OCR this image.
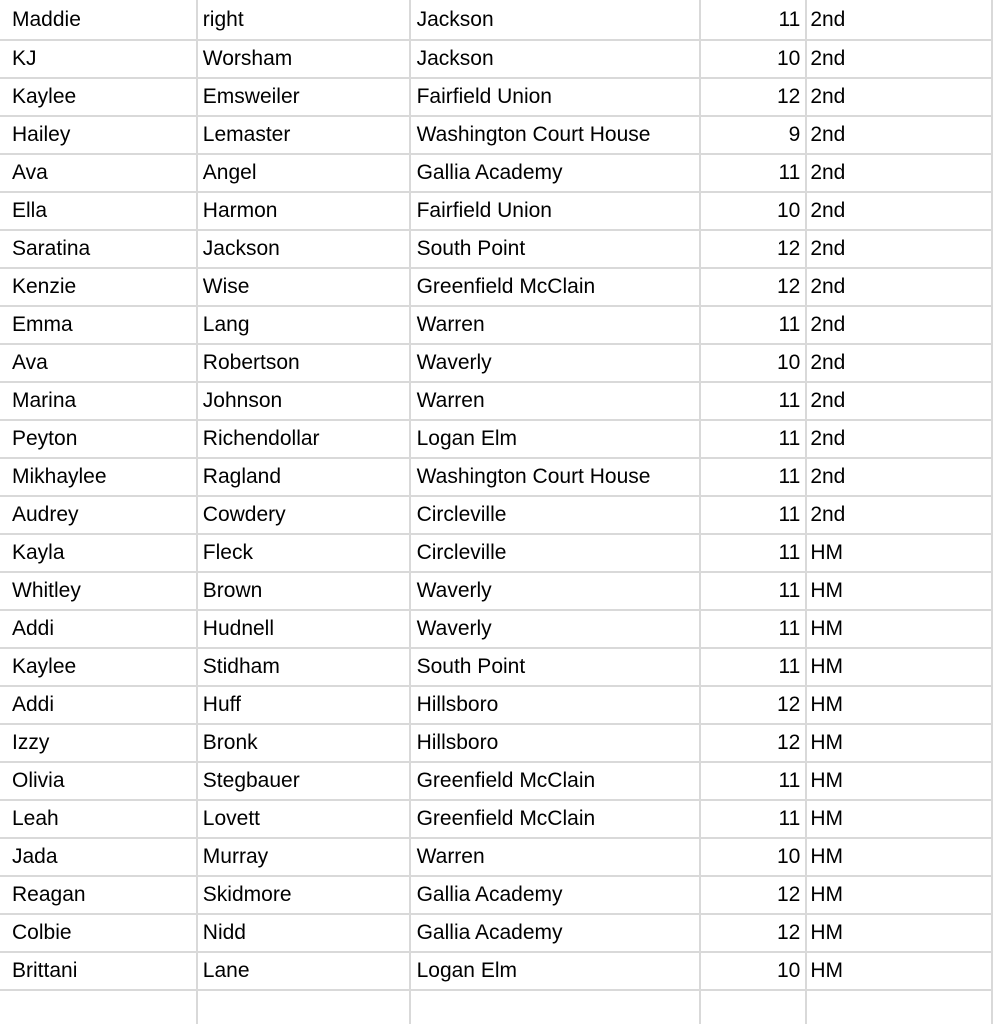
Maddie	right	Jackson	11	2nd
KJ	Worsham	Jackson	10	2nd
Kaylee	Emsweiler	Fairfield Union	12	2nd
Hailey	Lemaster	Washington Court House	9	2nd
Ava	Angel	Gallia Academy	11	2nd
Ella	Harmon	Fairfield Union	10	2nd
Saratina	Jackson	South Point	12	2nd
Kenzie	Wise	Greenfield McClain	12	2nd
Emma	Lang	Warren	11	2nd
Ava	Robertson	Waverly	10	2nd
Marina	Johnson	Warren	11	2nd
Peyton	Richendollar	Logan Elm	11	2nd
Mikhaylee	Ragland	Washington Court House	11	2nd
Audrey	Cowdery	Circleville	11	2nd
Kayla	Fleck	Circleville	11	HM
Whitley	Brown	Waverly	11	HM
Addi	Hudnell	Waverly	11	HM
Kaylee	Stidham	South Point	11	HM
Addi	Huff	Hillsboro	12	HM
Izzy	Bronk	Hillsboro	12	HM
Olivia	Stegbauer	Greenfield McClain	11	HM
Leah	Lovett	Greenfield McClain	11	HM
Jada	Murray	Warren	10	HM
Reagan	Skidmore	Gallia Academy	12	HM
Colbie	Nidd	Gallia Academy	12	HM
Brittani	Lane	Logan Elm	10	HM
